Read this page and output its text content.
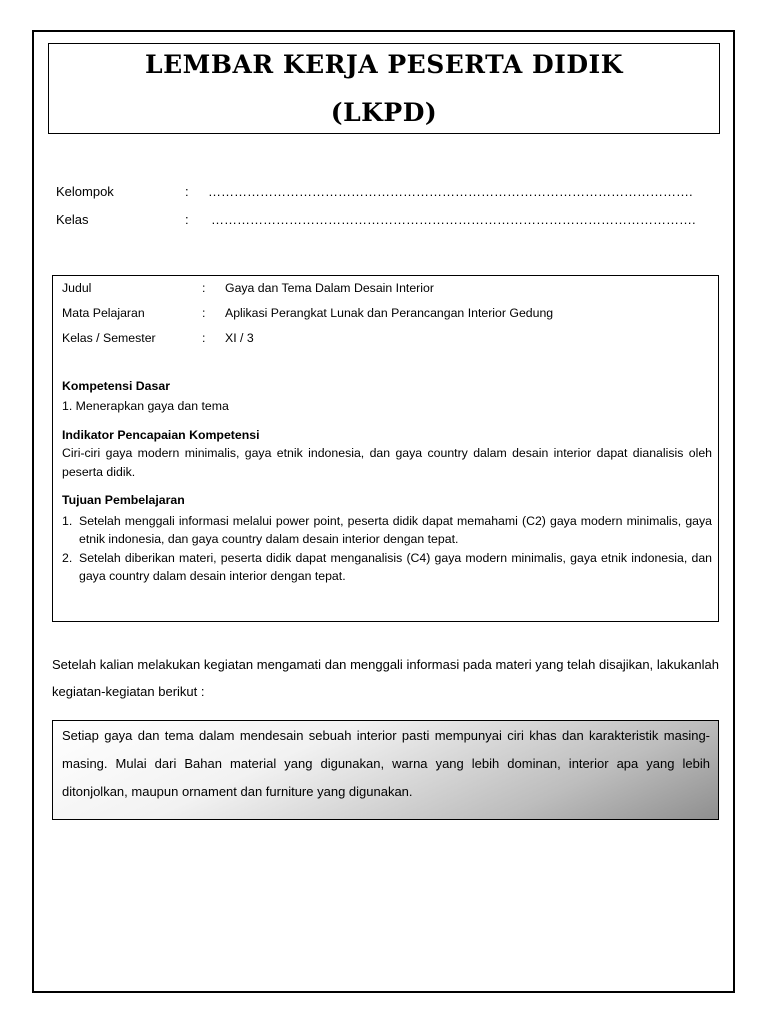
LEMBAR KERJA PESERTA DIDIK
(LKPD)
Kelompok	: ………………………………………………………………………………………………….
Kelas	: ………………………………………………………………………………………………….
Judul	: Gaya dan Tema Dalam Desain Interior
Mata Pelajaran	: Aplikasi Perangkat Lunak dan Perancangan Interior Gedung
Kelas / Semester	: XI / 3
Kompetensi Dasar
1. Menerapkan gaya dan tema
Indikator Pencapaian Kompetensi
Ciri-ciri gaya modern minimalis, gaya etnik indonesia, dan gaya country dalam desain interior dapat dianalisis oleh peserta didik.
Tujuan Pembelajaran
1. Setelah menggali informasi melalui power point, peserta didik dapat memahami (C2) gaya modern minimalis, gaya etnik indonesia, dan gaya country dalam desain interior dengan tepat.
2. Setelah diberikan materi, peserta didik dapat menganalisis (C4) gaya modern minimalis, gaya etnik indonesia, dan gaya country dalam desain interior dengan tepat.
Setelah kalian melakukan kegiatan mengamati dan menggali informasi pada materi yang telah disajikan, lakukanlah kegiatan-kegiatan berikut :
Setiap gaya dan tema dalam mendesain sebuah interior pasti mempunyai ciri khas dan karakteristik masing-masing. Mulai dari Bahan material yang digunakan, warna yang lebih dominan, interior apa yang lebih ditonjolkan, maupun ornament dan furniture yang digunakan.
